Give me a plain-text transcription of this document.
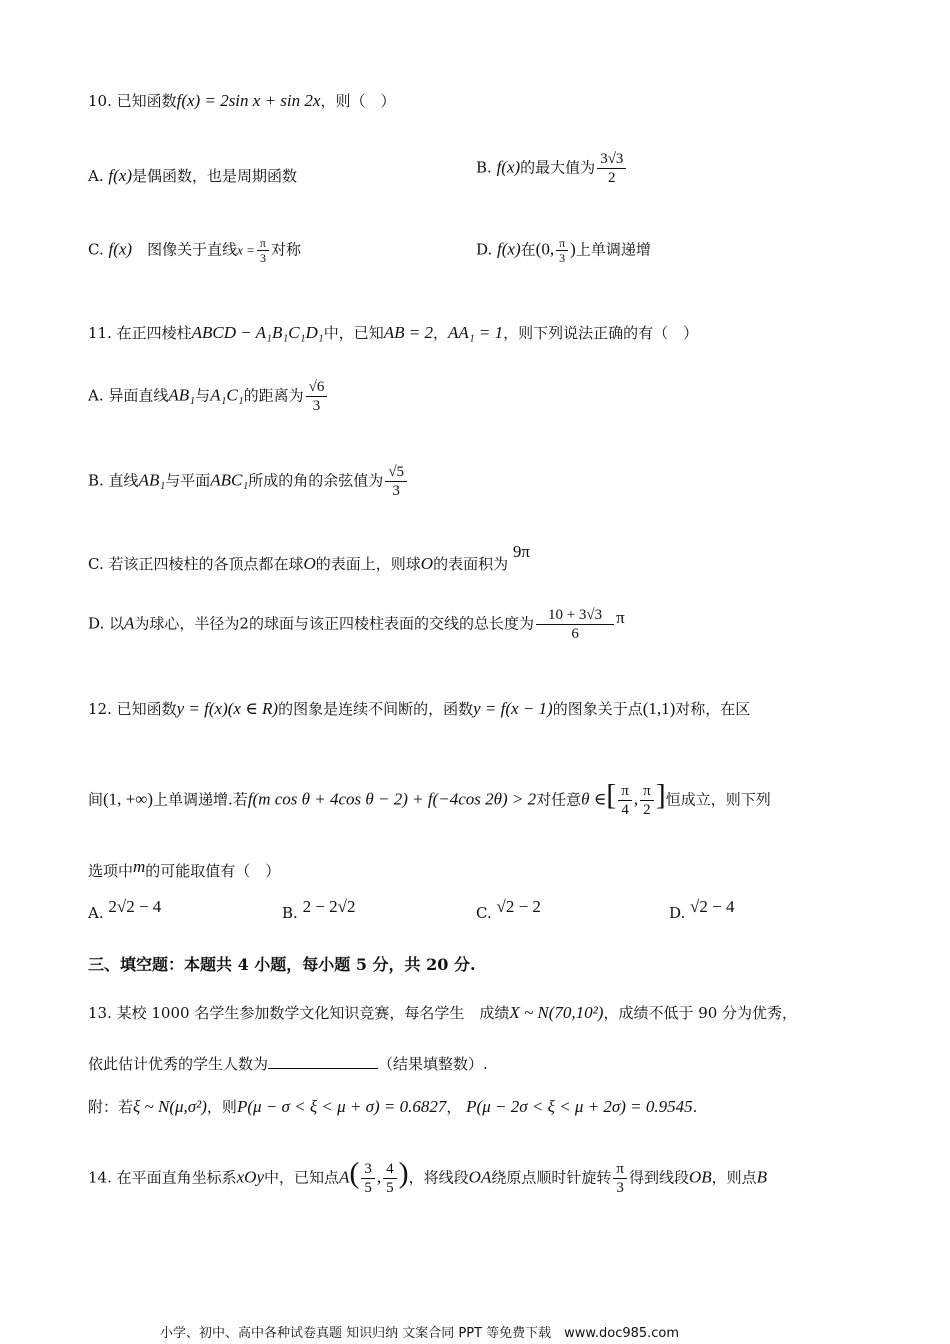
10. 已知函数f(x) = 2sin x + sin 2x，则（　）
A. f(x)是偶函数，也是周期函数	B. f(x)的最大值为 $\frac{3√3}{2}$
C. f(x)　 图像关于直线$x = \frac{\pi}{3}$ 对称	D. f(x)在(0, $\frac{\pi}{3}$ )上单调递增
11. 在正四棱柱ABCD − A₁B₁C₁D₁中，已知AB = 2，AA₁ = 1，则下列说法正确的有（　）
A. 异面直线AB₁与A₁C₁的距离为 $\frac{√6}{3}$
B. 直线AB₁与平面ABC₁所成的角的余弦值为 $\frac{√5}{3}$
C. 若该正四棱柱的各顶点都在球O的表面上，则球O的表面积为 9π
D. 以A为球心，半径为2的球面与该正四棱柱表面的交线的总长度为 $\frac{10 + 3√3}{6}$ π
12. 已知函数y = f(x)(x ∈ R)的图象是连续不间断的，函数y = f(x − 1)的图象关于点(1,1)对称，在区
间(1, +∞)上单调递增.若f(m cos θ + 4cos θ − 2) + f(−4cos 2θ) > 2对任意θ ∈[ $\frac{\pi}{4}$ , $\frac{\pi}{2}$ ]恒成立，则下列
选项中m的可能取值有（　）
A. 2√2 − 4	B. 2 − 2√2	C. √2 − 2	D. √2 − 4
三、填空题：本题共 4 小题，每小题 5 分，共 20 分.
13. 某校 1000 名学生参加数学文化知识竞赛，每名学生　成绩X ~ N(70,10²)，成绩不低于 90 分为优秀，
依此估计优秀的学生人数为	（结果填整数）.
附：若ξ ~ N(μ,σ²)，则P(μ − σ < ξ < μ + σ) = 0.6827， P(μ − 2σ < ξ < μ + 2σ) = 0.9545.
14. 在平面直角坐标系xOy中，已知点$A( \frac{3}{5}$ , $\frac{4}{5}$ )，将线段OA绕原点顺时针旋转 $\frac{\pi}{3}$ 得到线段OB，则点B
小学、初中、高中各种试卷真题 知识归纳 文案合同 PPT 等免费下载　www.doc985.com
